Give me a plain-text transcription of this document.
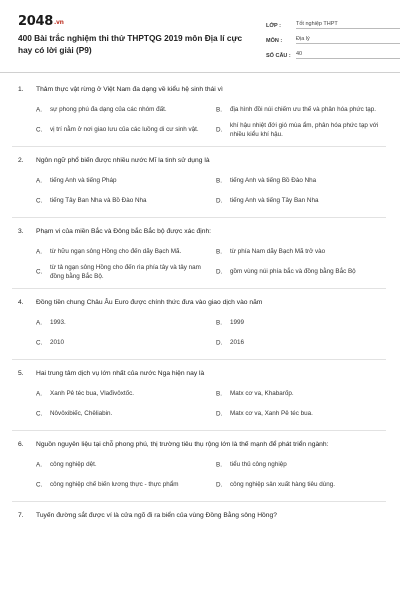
2048.vn
400 Bài trắc nghiệm thi thử THPTQG 2019 môn Địa lí cực hay có lời giải (P9)
LỚP :	Tốt nghiệp THPT
MÔN :	Địa lý
SỐ CÂU : 40
1. Thảm thực vật rừng ở Việt Nam đa dạng về kiểu hệ sinh thái vì
A. sự phong phú đa dạng của các nhóm đất.	B. địa hình đồi núi chiếm ưu thế và phân hóa phức tạp.
C. vị trí nằm ở nơi giao lưu của các luồng di cư sinh vật.	D.
khí hậu nhiệt đới gió mùa ẩm, phân hóa phức tạp với nhiều kiểu khí hậu.
2. Ngôn ngữ phổ biến được nhiều nước Mĩ la tinh sử dụng là
A. tiếng Anh và tiếng Pháp	B. tiếng Anh và tiếng Bồ Đào Nha
C. tiếng Tây Ban Nha và Bồ Đào Nha	D. tiếng Anh và tiếng Tây Ban Nha
3. Phạm vi của miền Bắc và Đông bắc Bắc bộ được xác định:
A. từ hữu ngạn sông Hồng cho đến dãy Bạch Mã.	B. từ phía Nam dãy Bạch Mã trở vào
C.
từ tả ngạn sông Hồng cho đến rìa phía tây và tây nam đồng bằng Bắc Bộ.
D. gồm vùng núi phía bắc và đồng bằng Bắc Bộ
4. Đồng tiền chung Châu Âu Euro được chính thức đưa vào giao dịch vào năm
A. 1993.	B. 1999
C. 2010	D. 2016
5. Hai trung tâm dịch vụ lớn nhất của nước Nga hiện nay là
A. Xanh Pê téc bua, Vlađivôxtốc.	B. Matx cơ va, Khabarốp.
C. Nôvôxibiếc, Chêliabin.	D. Matx cơ va, Xanh Pê téc bua.
6. Nguồn nguyên liệu tại chỗ phong phú, thị trường tiêu thụ rộng lớn là thế mạnh để phát triển ngành:
A. công nghiệp dệt.	B. tiểu thủ công nghiệp
C. công nghiệp chế biến lương thực - thực phẩm	D. công nghiệp sản xuất hàng tiêu dùng.
7. Tuyến đường sắt được ví là cửa ngõ đi ra biển của vùng Đồng Bằng sông Hồng?
